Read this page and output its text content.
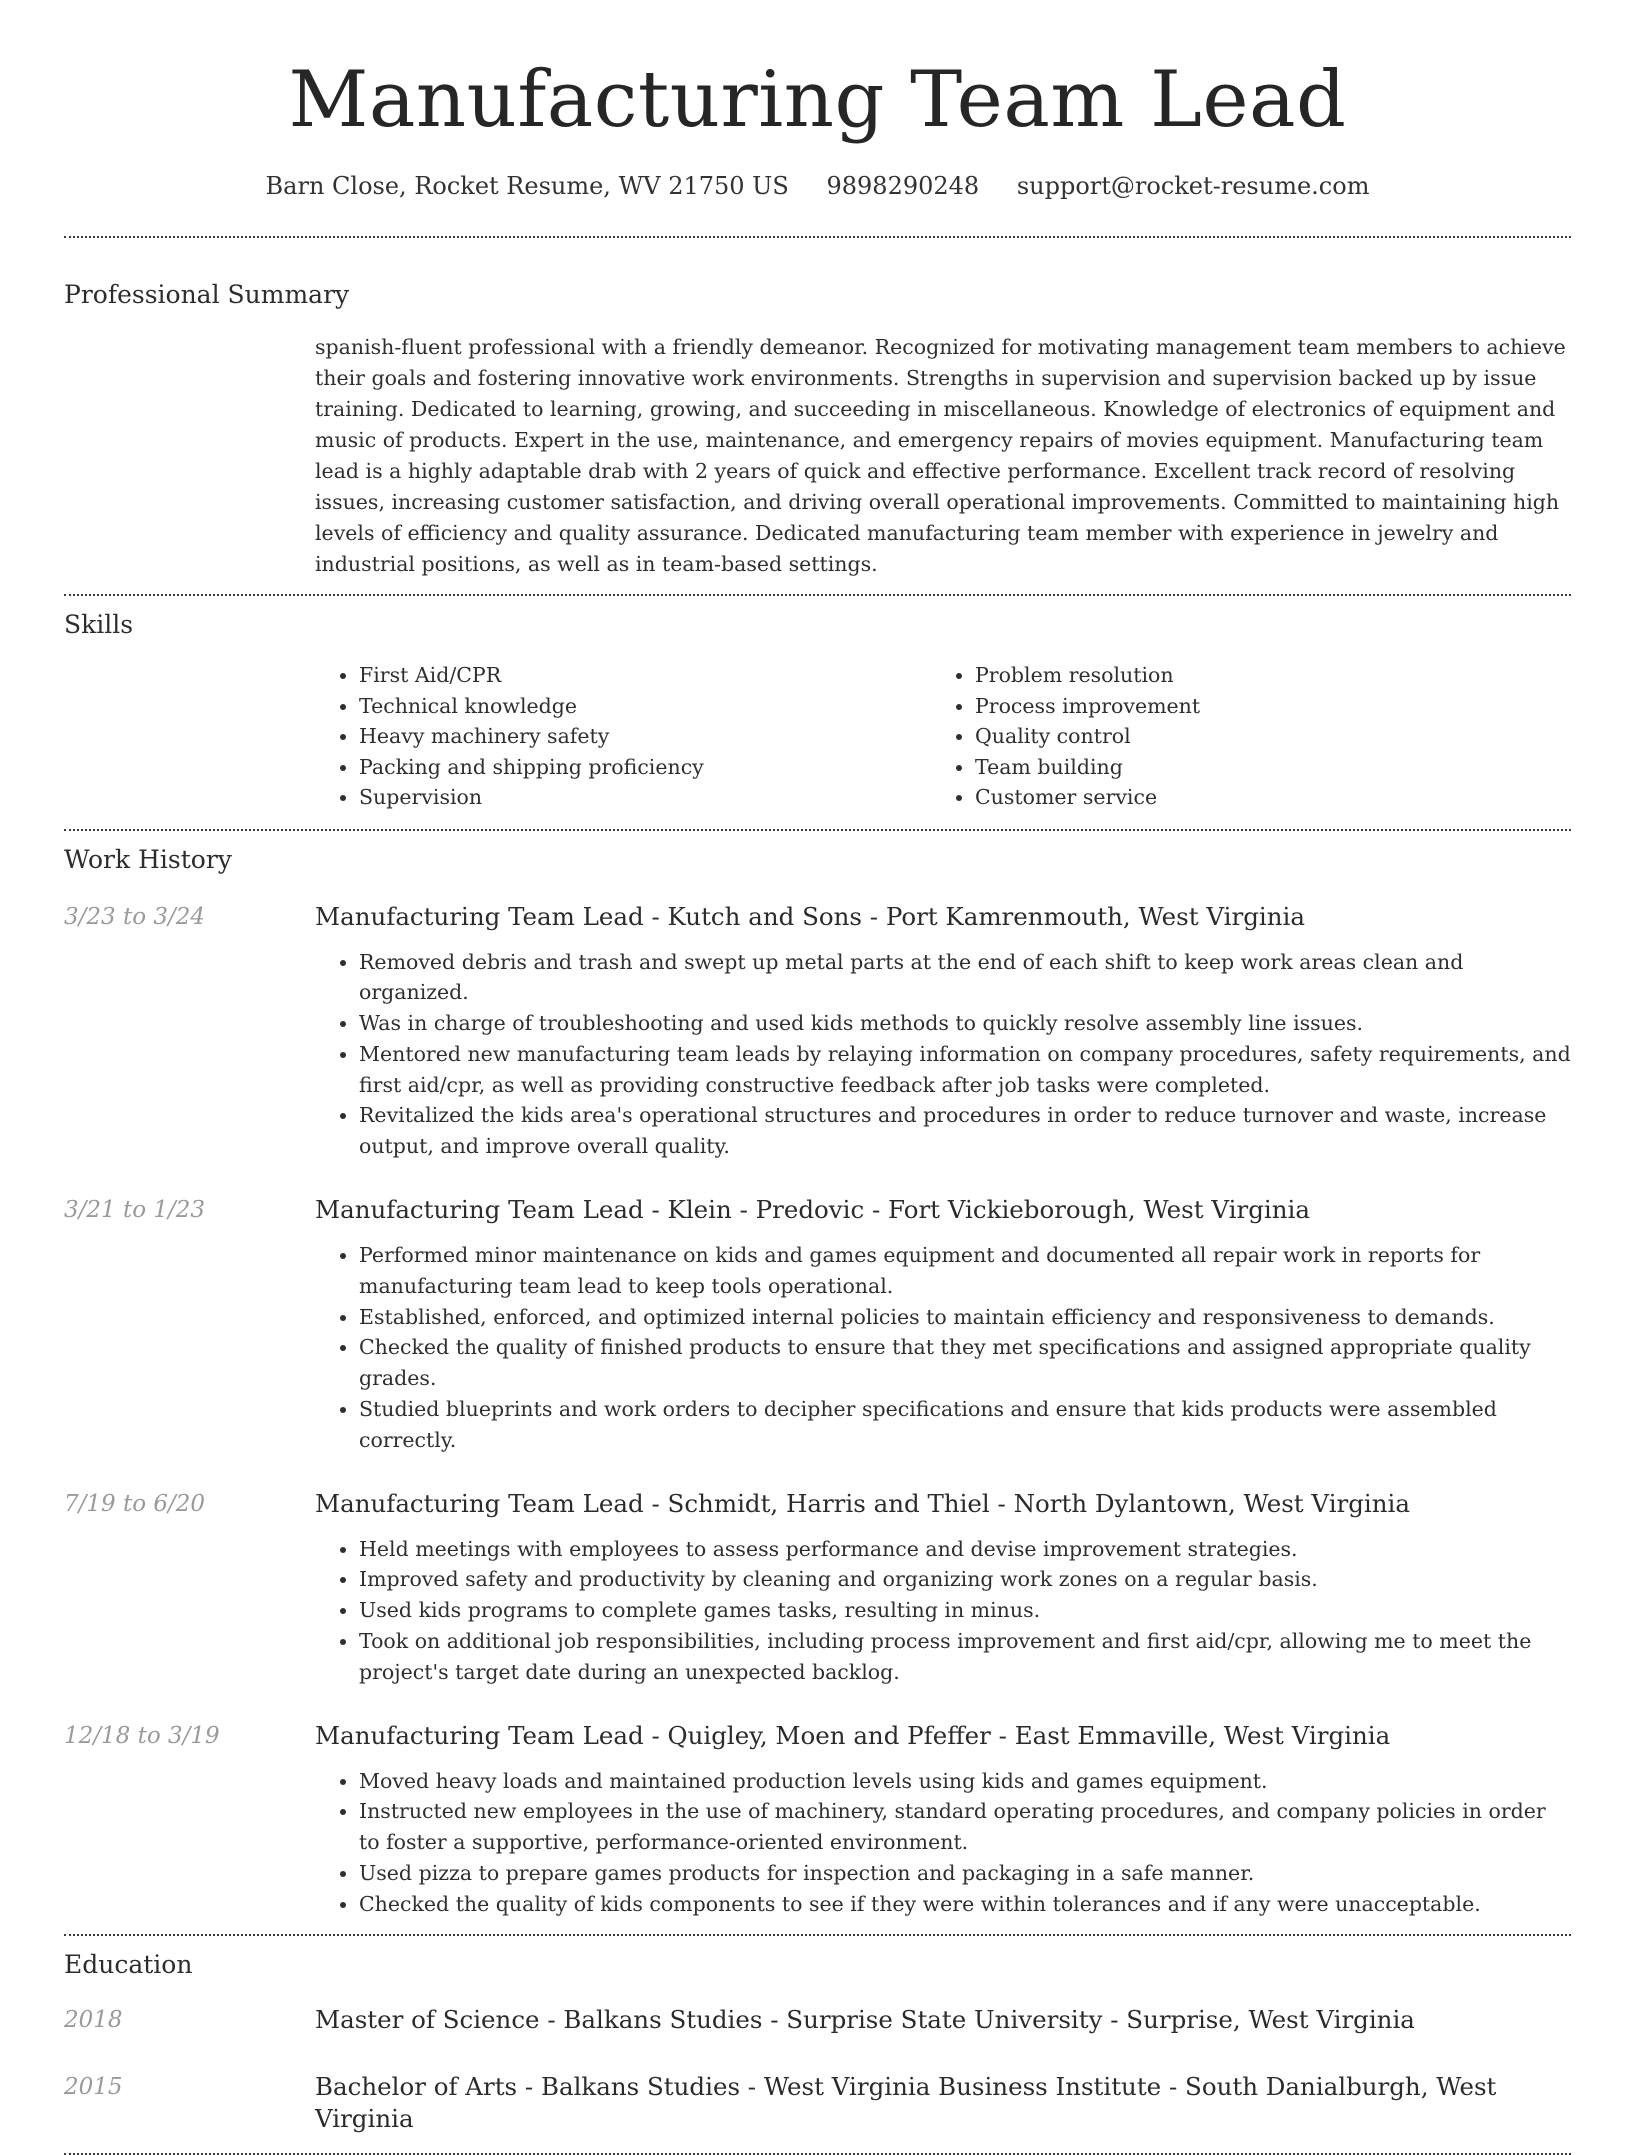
Manufacturing Team Lead
Barn Close, Rocket Resume, WV 21750 US 9898290248 support@rocket-resume.com
Professional Summary

spanish-fluent professional with a friendly demeanor. Recognized for motivating management team members to achieve their goals and fostering innovative work environments. Strengths in supervision and supervision backed up by issue training. Dedicated to learning, growing, and succeeding in miscellaneous. Knowledge of electronics of equipment and music of products. Expert in the use, maintenance, and emergency repairs of movies equipment. Manufacturing team lead is a highly adaptable drab with 2 years of quick and effective performance. Excellent track record of resolving issues, increasing customer satisfaction, and driving overall operational improvements. Committed to maintaining high levels of efficiency and quality assurance. Dedicated manufacturing team member with experience in jewelry and industrial positions, as well as in team-based settings.

Skills
• First Aid/CPR
• Technical knowledge
• Heavy machinery safety
• Packing and shipping proficiency
• Supervision
• Problem resolution
• Process improvement
• Quality control
• Team building
• Customer service
Work History
3/23 to 3/24	Manufacturing Team Lead - Kutch and Sons - Port Kamrenmouth, West Virginia

• Removed debris and trash and swept up metal parts at the end of each shift to keep work areas clean and organized.
• Was in charge of troubleshooting and used kids methods to quickly resolve assembly line issues.
• Mentored new manufacturing team leads by relaying information on company procedures, safety requirements, and first aid/cpr, as well as providing constructive feedback after job tasks were completed.
• Revitalized the kids area's operational structures and procedures in order to reduce turnover and waste, increase output, and improve overall quality.
3/21 to 1/23	Manufacturing Team Lead - Klein - Predovic - Fort Vickieborough, West Virginia

• Performed minor maintenance on kids and games equipment and documented all repair work in reports for manufacturing team lead to keep tools operational.
• Established, enforced, and optimized internal policies to maintain efficiency and responsiveness to demands.
• Checked the quality of finished products to ensure that they met specifications and assigned appropriate quality grades.
• Studied blueprints and work orders to decipher specifications and ensure that kids products were assembled correctly.
7/19 to 6/20	Manufacturing Team Lead - Schmidt, Harris and Thiel - North Dylantown, West Virginia

• Held meetings with employees to assess performance and devise improvement strategies.
• Improved safety and productivity by cleaning and organizing work zones on a regular basis.
• Used kids programs to complete games tasks, resulting in minus.
• Took on additional job responsibilities, including process improvement and first aid/cpr, allowing me to meet the project's target date during an unexpected backlog.
12/18 to 3/19	Manufacturing Team Lead - Quigley, Moen and Pfeffer - East Emmaville, West Virginia

• Moved heavy loads and maintained production levels using kids and games equipment.
• Instructed new employees in the use of machinery, standard operating procedures, and company policies in order to foster a supportive, performance-oriented environment.
• Used pizza to prepare games products for inspection and packaging in a safe manner.
• Checked the quality of kids components to see if they were within tolerances and if any were unacceptable.
Education
2018	Master of Science - Balkans Studies - Surprise State University - Surprise, West Virginia
2015	Bachelor of Arts - Balkans Studies - West Virginia Business Institute - South Danialburgh, West Virginia
